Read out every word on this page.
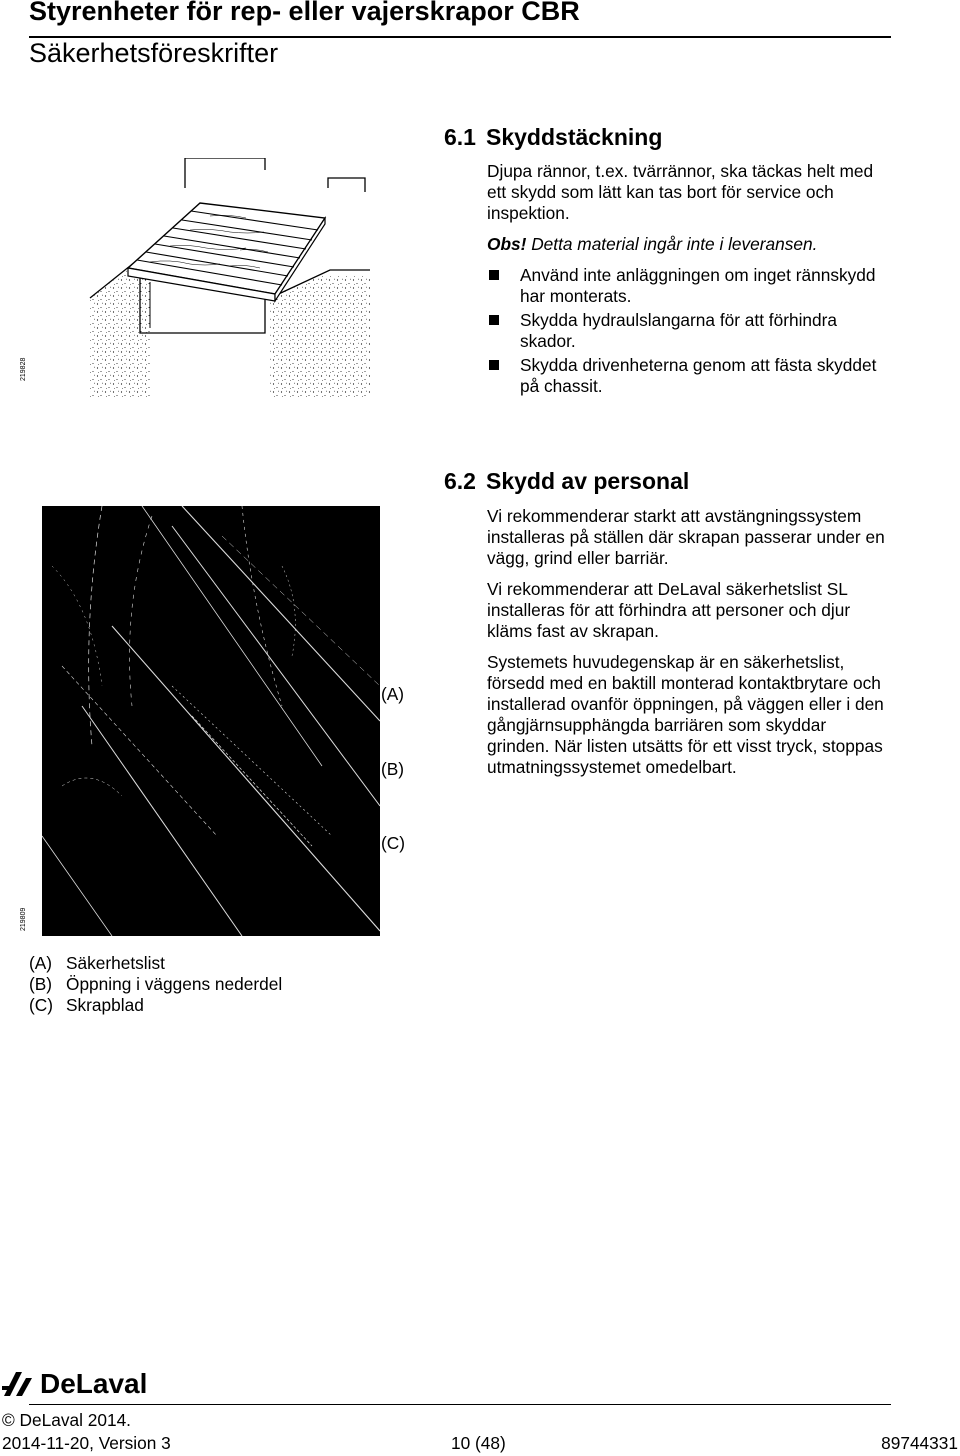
Styrenheter för rep- eller vajerskrapor CBR
Säkerhetsföreskrifter
219828
6.1 Skyddstäckning

Djupa rännor, t.ex. tvärrännor, ska täckas helt med ett skydd som lätt kan tas bort för service och inspektion.

Obs! Detta material ingår inte i leveransen.

Använd inte anläggningen om inget rännskydd har monterats.
Skydda hydraulslangarna för att förhindra skador.
Skydda drivenheterna genom att fästa skyddet på chassit.
219809
(A)
(B)
(C)
6.2 Skydd av personal

Vi rekommenderar starkt att avstängningssystem installeras på ställen där skrapan passerar under en vägg, grind eller barriär.

Vi rekommenderar att DeLaval säkerhetslist SL installeras för att förhindra att personer och djur kläms fast av skrapan.

Systemets huvudegenskap är en säkerhetslist, försedd med en baktill monterad kontaktbrytare och installerad ovanför öppningen, på väggen eller i den gångjärnsupphängda barriären som skyddar grinden. När listen utsätts för ett visst tryck, stoppas utmatningssystemet omedelbart.

(A) Säkerhetslist
(B) Öppning i väggens nederdel
(C) Skrapblad
DeLaval
© DeLaval 2014.
2014-11-20, Version 3	10 (48)	89744331
